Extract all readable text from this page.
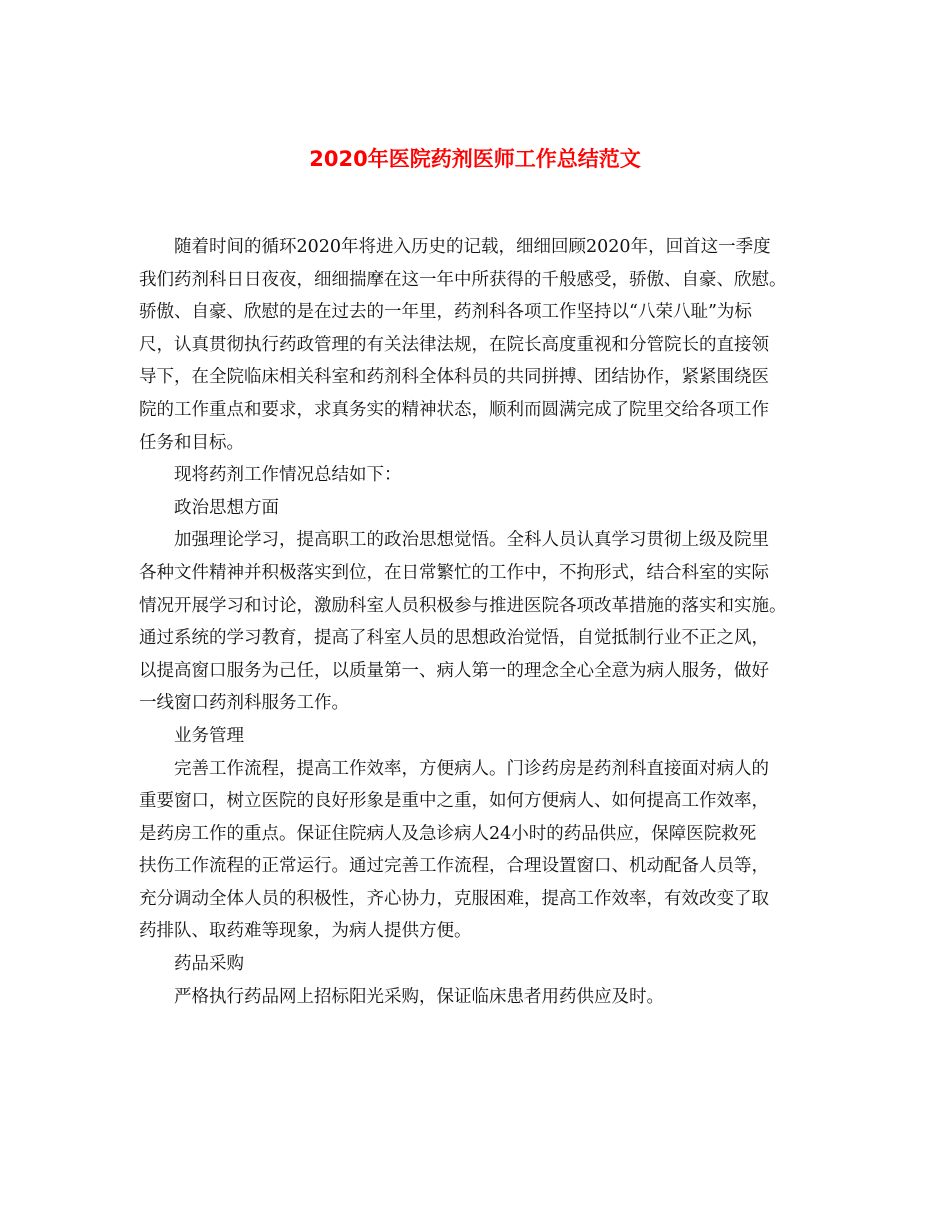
2020年医院药剂医师工作总结范文
随着时间的循环2020年将进入历史的记载，细细回顾2020年，回首这一季度
我们药剂科日日夜夜，细细揣摩在这一年中所获得的千般感受，骄傲、自豪、欣慰。
骄傲、自豪、欣慰的是在过去的一年里，药剂科各项工作坚持以“八荣八耻”为标
尺，认真贯彻执行药政管理的有关法律法规，在院长高度重视和分管院长的直接领
导下，在全院临床相关科室和药剂科全体科员的共同拼搏、团结协作，紧紧围绕医
院的工作重点和要求，求真务实的精神状态，顺利而圆满完成了院里交给各项工作
任务和目标。
现将药剂工作情况总结如下：
政治思想方面
加强理论学习，提高职工的政治思想觉悟。全科人员认真学习贯彻上级及院里
各种文件精神并积极落实到位，在日常繁忙的工作中，不拘形式，结合科室的实际
情况开展学习和讨论，激励科室人员积极参与推进医院各项改革措施的落实和实施。
通过系统的学习教育，提高了科室人员的思想政治觉悟，自觉抵制行业不正之风，
以提高窗口服务为己任，以质量第一、病人第一的理念全心全意为病人服务，做好
一线窗口药剂科服务工作。
业务管理
完善工作流程，提高工作效率，方便病人。门诊药房是药剂科直接面对病人的
重要窗口，树立医院的良好形象是重中之重，如何方便病人、如何提高工作效率，
是药房工作的重点。保证住院病人及急诊病人24小时的药品供应，保障医院救死
扶伤工作流程的正常运行。通过完善工作流程，合理设置窗口、机动配备人员等，
充分调动全体人员的积极性，齐心协力，克服困难，提高工作效率，有效改变了取
药排队、取药难等现象，为病人提供方便。
药品采购
严格执行药品网上招标阳光采购，保证临床患者用药供应及时。
